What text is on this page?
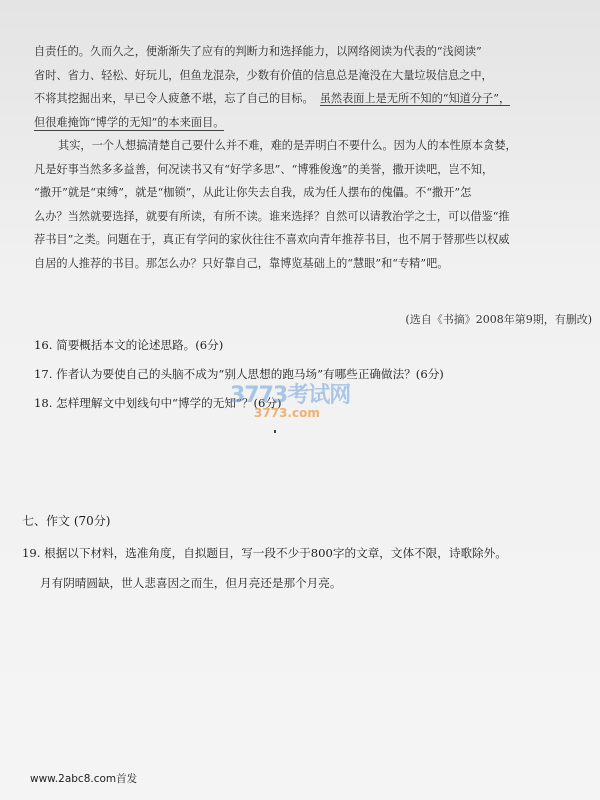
自责任的。久而久之，便渐渐失了应有的判断力和选择能力，以网络阅读为代表的“浅阅读”
省时、省力、轻松、好玩儿，但鱼龙混杂，少数有价值的信息总是淹没在大量垃圾信息之中，
不将其挖掘出来，早已令人疲惫不堪，忘了自己的目标。 虽然表面上是无所不知的“知道分子”，
但很难掩饰“博学的无知”的本来面目。
其实，一个人想搞清楚自己要什么并不难，难的是弄明白不要什么。因为人的本性原本贪婪，
凡是好事当然多多益善，何况读书又有“好学多思”、“博雅俊逸”的美誉，撒开读吧，岂不知，
“撒开”就是“束缚”，就是“枷锁”，从此让你失去自我，成为任人摆布的傀儡。不“撒开”怎
么办？当然就要选择，就要有所读，有所不读。谁来选择？自然可以请教治学之士，可以借鉴“推
荐书目”之类。问题在于，真正有学问的家伙往往不喜欢向青年推荐书目，也不屑于替那些以权威
自居的人推荐的书目。那怎么办？只好靠自己，靠博览基础上的“慧眼”和“专精”吧。
(选自《书摘》2008年第9期，有删改)
16. 简要概括本文的论述思路。(6分)
17. 作者认为要使自己的头脑不成为“别人思想的跑马场”有哪些正确做法？(6分)
18. 怎样理解文中划线句中“博学的无知”？(6分)
3773考试网
3773.com
七、作文 (70分)
19. 根据以下材料，选准角度，自拟题目，写一段不少于800字的文章，文体不限，诗歌除外。
月有阴晴圆缺，世人悲喜因之而生，但月亮还是那个月亮。
www.2abc8.com首发
